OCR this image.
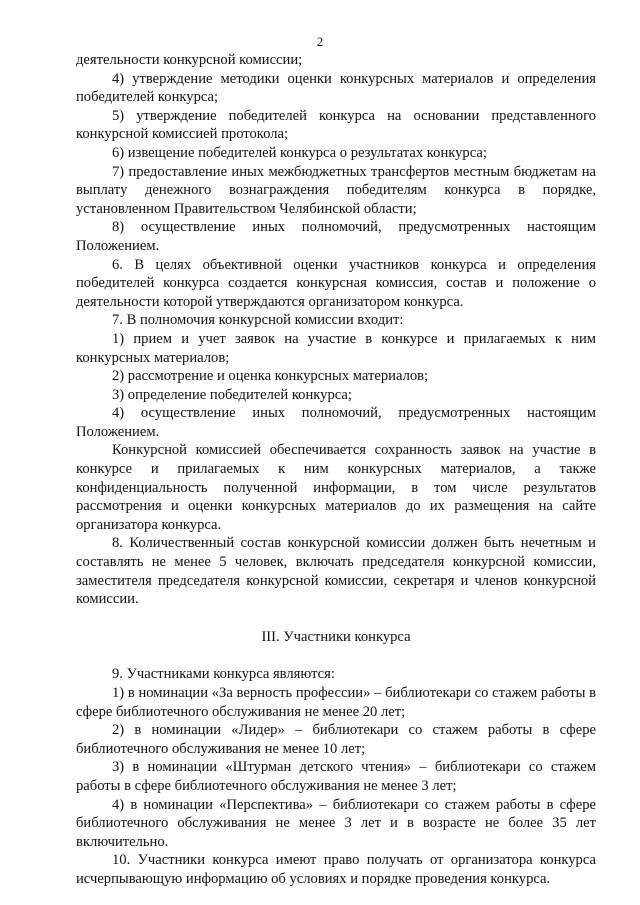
2

деятельности конкурсной комиссии;

4) утверждение методики оценки конкурсных материалов и определения победителей конкурса;

5) утверждение победителей конкурса на основании представленного конкурсной комиссией протокола;

6) извещение победителей конкурса о результатах конкурса;

7) предоставление иных межбюджетных трансфертов местным бюджетам на выплату денежного вознаграждения победителям конкурса в порядке, установленном Правительством Челябинской области;

8) осуществление иных полномочий, предусмотренных настоящим Положением.

6. В целях объективной оценки участников конкурса и определения победителей конкурса создается конкурсная комиссия, состав и положение о деятельности которой утверждаются организатором конкурса.

7. В полномочия конкурсной комиссии входит:

1) прием и учет заявок на участие в конкурсе и прилагаемых к ним конкурсных материалов;

2) рассмотрение и оценка конкурсных материалов;

3) определение победителей конкурса;

4) осуществление иных полномочий, предусмотренных настоящим Положением.

Конкурсной комиссией обеспечивается сохранность заявок на участие в конкурсе и прилагаемых к ним конкурсных материалов, а также конфиденциальность полученной информации, в том числе результатов рассмотрения и оценки конкурсных материалов до их размещения на сайте организатора конкурса.

8. Количественный состав конкурсной комиссии должен быть нечетным и составлять не менее 5 человек, включать председателя конкурсной комиссии, заместителя председателя конкурсной комиссии, секретаря и членов конкурсной комиссии.

III. Участники конкурса

9. Участниками конкурса являются:

1) в номинации «За верность профессии» – библиотекари со стажем работы в сфере библиотечного обслуживания не менее 20 лет;

2) в номинации «Лидер» – библиотекари со стажем работы в сфере библиотечного обслуживания не менее 10 лет;

3) в номинации «Штурман детского чтения» – библиотекари со стажем работы в сфере библиотечного обслуживания не менее 3 лет;

4) в номинации «Перспектива» – библиотекари со стажем работы в сфере библиотечного обслуживания не менее 3 лет и в возрасте не более 35 лет включительно.

10. Участники конкурса имеют право получать от организатора конкурса исчерпывающую информацию об условиях и порядке проведения конкурса.
